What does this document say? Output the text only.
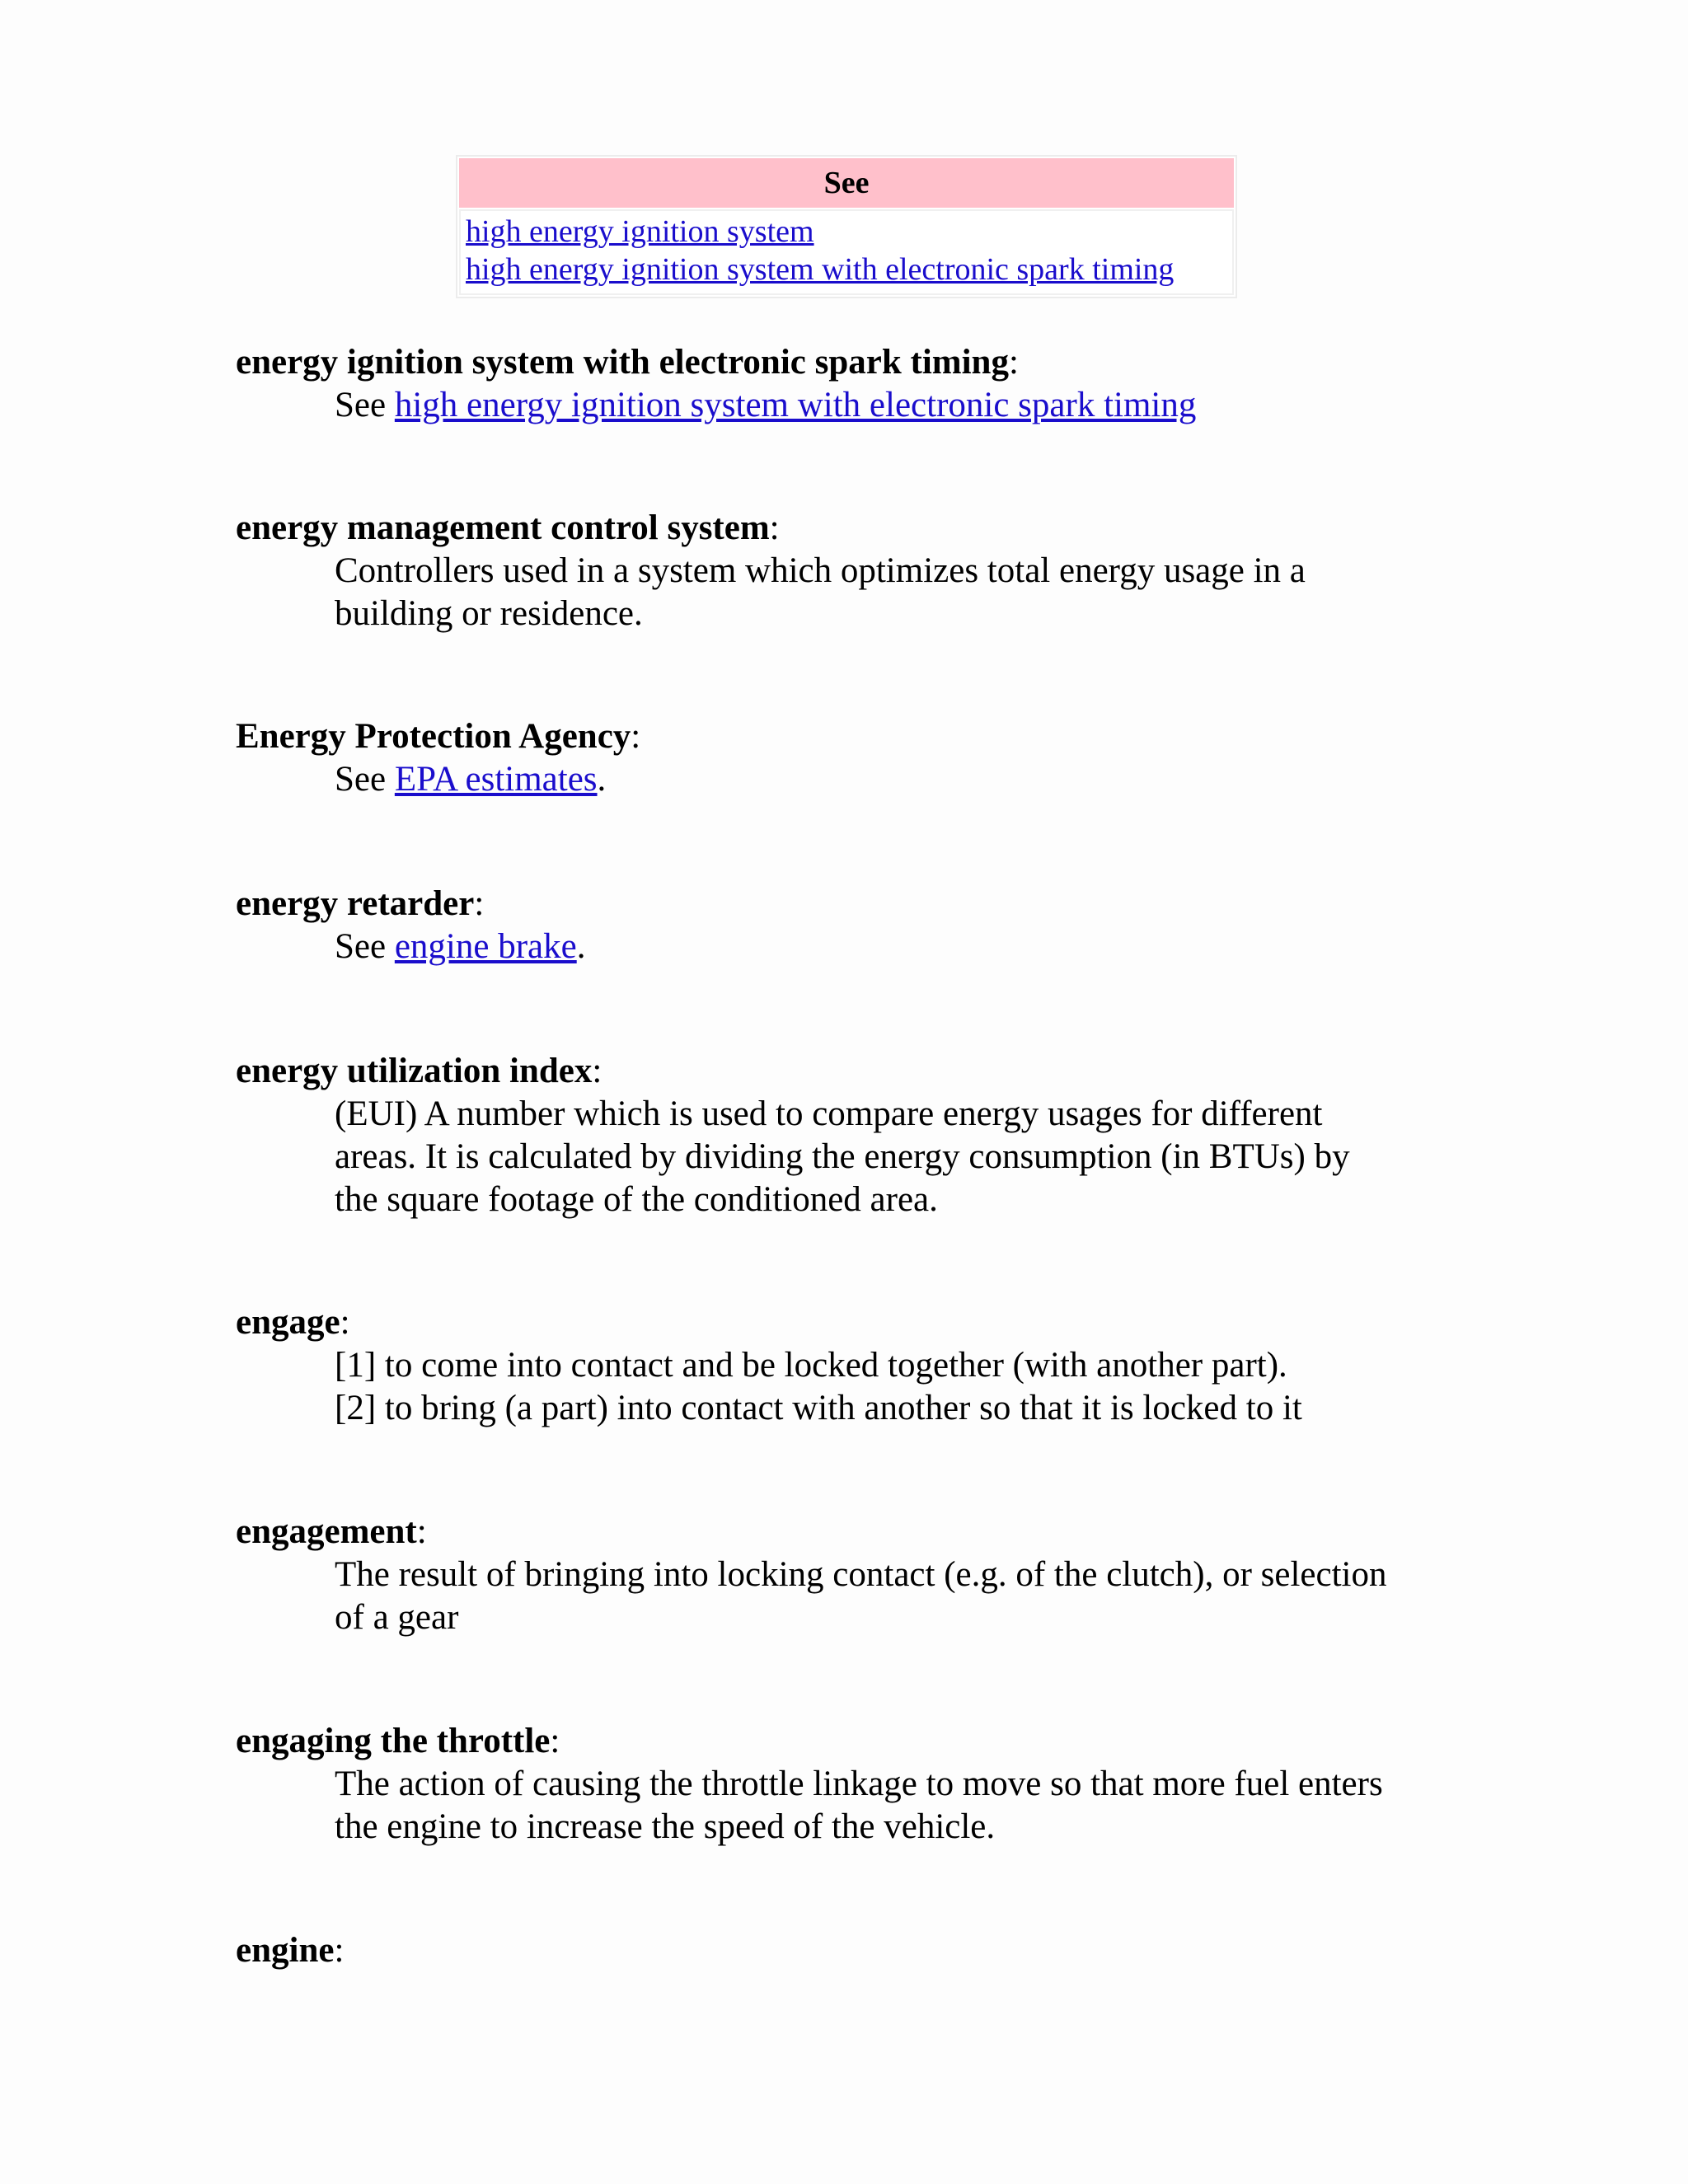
See
high energy ignition system
high energy ignition system with electronic spark timing
energy ignition system with electronic spark timing:
See high energy ignition system with electronic spark timing
energy management control system:
Controllers used in a system which optimizes total energy usage in a
building or residence.
Energy Protection Agency:
See EPA estimates.
energy retarder:
See engine brake.
energy utilization index:
(EUI) A number which is used to compare energy usages for different
areas. It is calculated by dividing the energy consumption (in BTUs) by
the square footage of the conditioned area.
engage:
[1] to come into contact and be locked together (with another part).
[2] to bring (a part) into contact with another so that it is locked to it
engagement:
The result of bringing into locking contact (e.g. of the clutch), or selection
of a gear
engaging the throttle:
The action of causing the throttle linkage to move so that more fuel enters
the engine to increase the speed of the vehicle.
engine:
